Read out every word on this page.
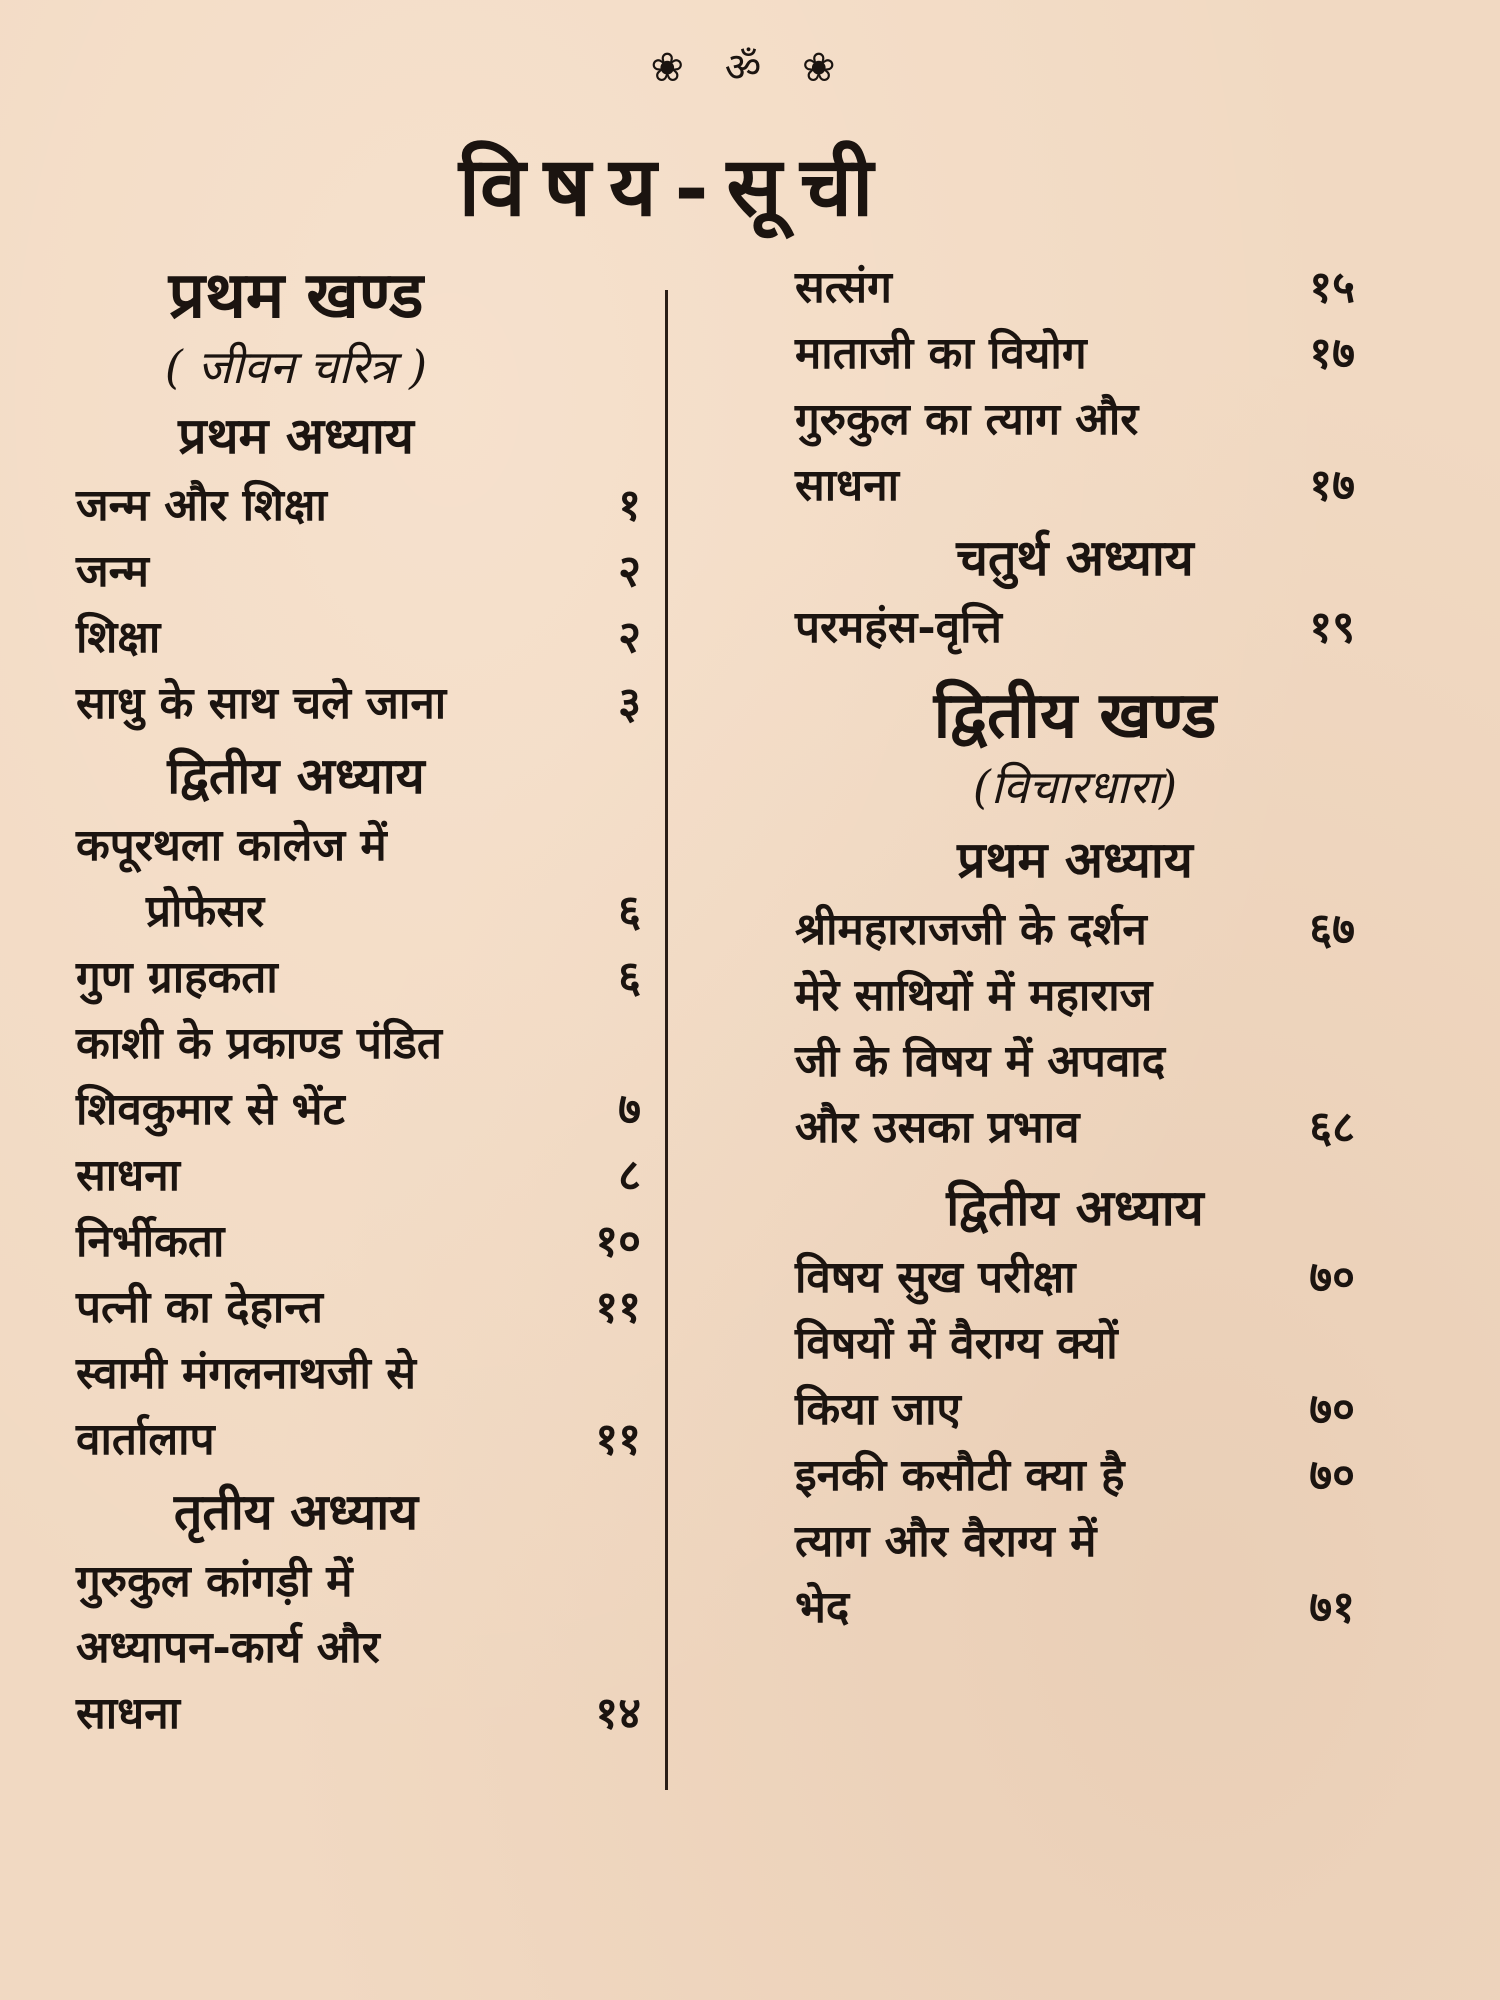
❀ ॐ ❀
विषय-सूची
प्रथम खण्ड
( जीवन चरित्र )
प्रथम अध्याय
जन्म और शिक्षा	१
जन्म	२
शिक्षा	२
साधु के साथ चले जाना	३
द्वितीय अध्याय
कपूरथला कालेज में
प्रोफेसर	६
गुण ग्राहकता	६
काशी के प्रकाण्ड पंडित
शिवकुमार से भेंट	७
साधना	८
निर्भीकता	१०
पत्नी का देहान्त	११
स्वामी मंगलनाथजी से
वार्तालाप	११
तृतीय अध्याय
गुरुकुल कांगड़ी में
अध्यापन-कार्य और
साधना	१४
सत्संग	१५
माताजी का वियोग	१७
गुरुकुल का त्याग और
साधना	१७
चतुर्थ अध्याय
परमहंस-वृत्ति	१९
द्वितीय खण्ड
(विचारधारा)
प्रथम अध्याय
श्रीमहाराजजी के दर्शन	६७
मेरे साथियों में महाराज
जी के विषय में अपवाद
और उसका प्रभाव	६८
द्वितीय अध्याय
विषय सुख परीक्षा	७०
विषयों में वैराग्य क्यों
किया जाए	७०
इनकी कसौटी क्या है	७०
त्याग और वैराग्य में
भेद	७१
